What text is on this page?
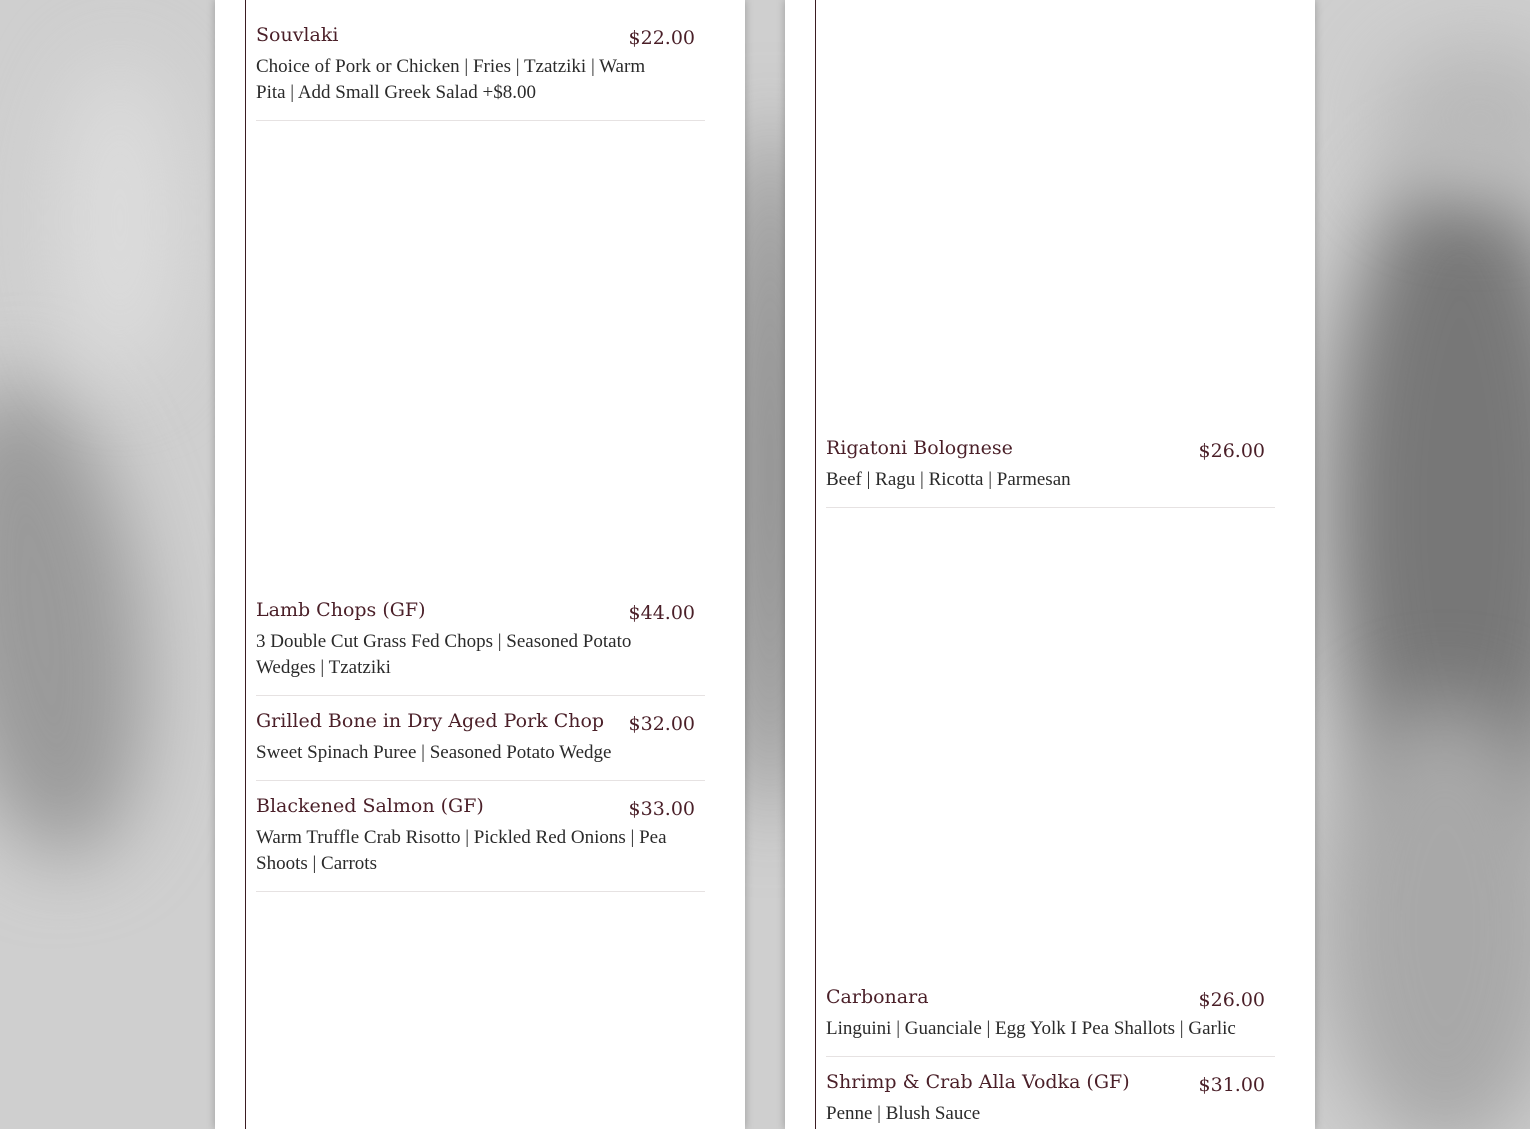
Souvlaki	$22.00
Choice of Pork or Chicken | Fries | Tzatziki | Warm Pita | Add Small Greek Salad +$8.00
Lamb Chops (GF)	$44.00
3 Double Cut Grass Fed Chops | Seasoned Potato Wedges | Tzatziki
Grilled Bone in Dry Aged Pork Chop $32.00
Sweet Spinach Puree | Seasoned Potato Wedge
Blackened Salmon (GF)	$33.00
Warm Truffle Crab Risotto | Pickled Red Onions | Pea Shoots | Carrots
Rigatoni Bolognese	$26.00
Beef | Ragu | Ricotta | Parmesan
Carbonara	$26.00
Linguini | Guanciale | Egg Yolk I Pea Shallots | Garlic
Shrimp & Crab Alla Vodka (GF)	$31.00
Penne | Blush Sauce
